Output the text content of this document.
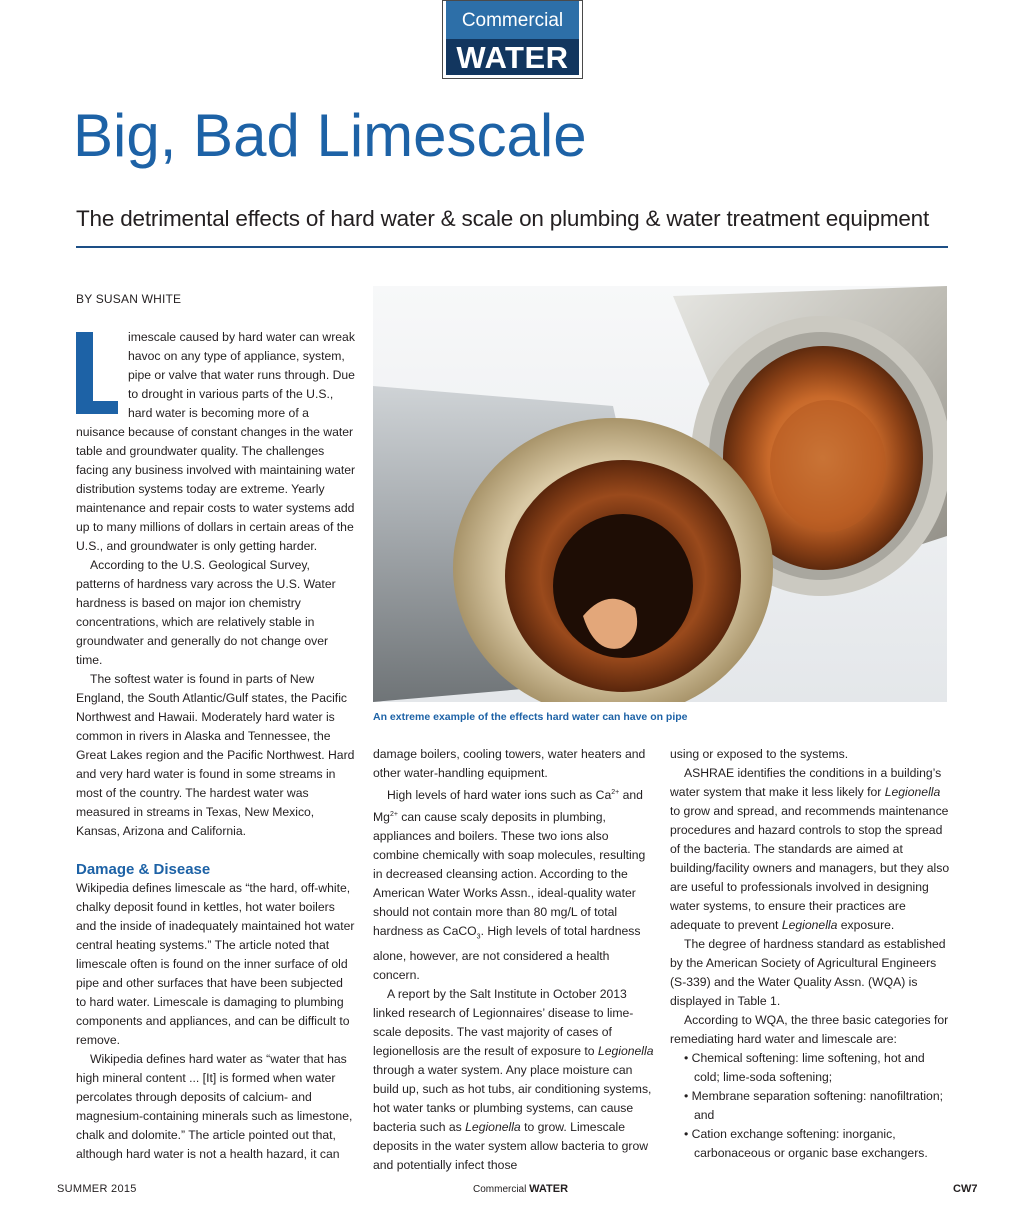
Commercial
WATER
Big, Bad Limescale
The detrimental effects of hard water & scale on plumbing & water treatment equipment
BY SUSAN WHITE

imescale caused by hard water can wreak havoc on any type of appliance, system, pipe or valve that water runs through. Due to drought in various parts of the U.S., hard water is becoming more of a nuisance because of constant changes in the water table and groundwater quality. The challenges facing any business involved with maintaining water distribution systems today are extreme. Yearly maintenance and repair costs to water systems add up to many millions of dollars in certain areas of the U.S., and groundwater is only getting harder.

According to the U.S. Geological Survey, patterns of hardness vary across the U.S. Water hardness is based on major ion chemistry concentrations, which are relatively stable in groundwater and generally do not change over time.

The softest water is found in parts of New England, the South Atlantic/Gulf states, the Pacific Northwest and Hawaii. Moderately hard water is common in rivers in Alaska and Tennessee, the Great Lakes region and the Pacific Northwest. Hard and very hard water is found in some streams in most of the country. The hardest water was measured in streams in Texas, New Mexico, Kansas, Arizona and California.

Damage & Disease

Wikipedia defines limescale as “the hard, off-white, chalky deposit found in kettles, hot water boilers and the inside of inadequately maintained hot water central heating systems.” The article noted that limescale often is found on the inner surface of old pipe and other surfaces that have been subjected to hard water. Limescale is damaging to plumbing components and appliances, and can be difficult to remove.

Wikipedia defines hard water as “water that has high mineral content ... [It] is formed when water percolates through deposits of calcium- and magnesium-containing minerals such as limestone, chalk and dolomite.” The article pointed out that, although hard water is not a health hazard, it can

An extreme example of the effects hard water can have on pipe

damage boilers, cooling towers, water heaters and other water-handling equipment.

High levels of hard water ions such as $Ca^{2+}$ and $Mg^{2+}$ can cause scaly deposits in plumbing, appliances and boilers. These two ions also combine chemically with soap molecules, resulting in decreased cleansing action. According to the American Water Works Assn., ideal-quality water should not contain more than 80 mg/L of total hardness as CaCO$_3$. High levels of total hardness alone, however, are not considered a health concern.

A report by the Salt Institute in October 2013 linked research of Legionnaires’ disease to lime-scale deposits. The vast majority of cases of legionellosis are the result of exposure to Legionella through a water system. Any place moisture can build up, such as hot tubs, air conditioning systems, hot water tanks or plumbing systems, can cause bacteria such as Legionella to grow. Limescale deposits in the water system allow bacteria to grow and potentially infect those

using or exposed to the systems.

ASHRAE identifies the conditions in a building’s water system that make it less likely for Legionella to grow and spread, and recommends maintenance procedures and hazard controls to stop the spread of the bacteria. The standards are aimed at building/facility owners and managers, but they also are useful to professionals involved in designing water systems, to ensure their practices are adequate to prevent Legionella exposure.

The degree of hardness standard as established by the American Society of Agricultural Engineers (S-339) and the Water Quality Assn. (WQA) is displayed in Table 1.

According to WQA, the three basic categories for remediating hard water and limescale are:

• Chemical softening: lime softening, hot and cold; lime-soda softening;
• Membrane separation softening: nanofiltration; and
• Cation exchange softening: inorganic, carbonaceous or organic base exchangers.
SUMMER 2015	Commercial WATER	CW7
